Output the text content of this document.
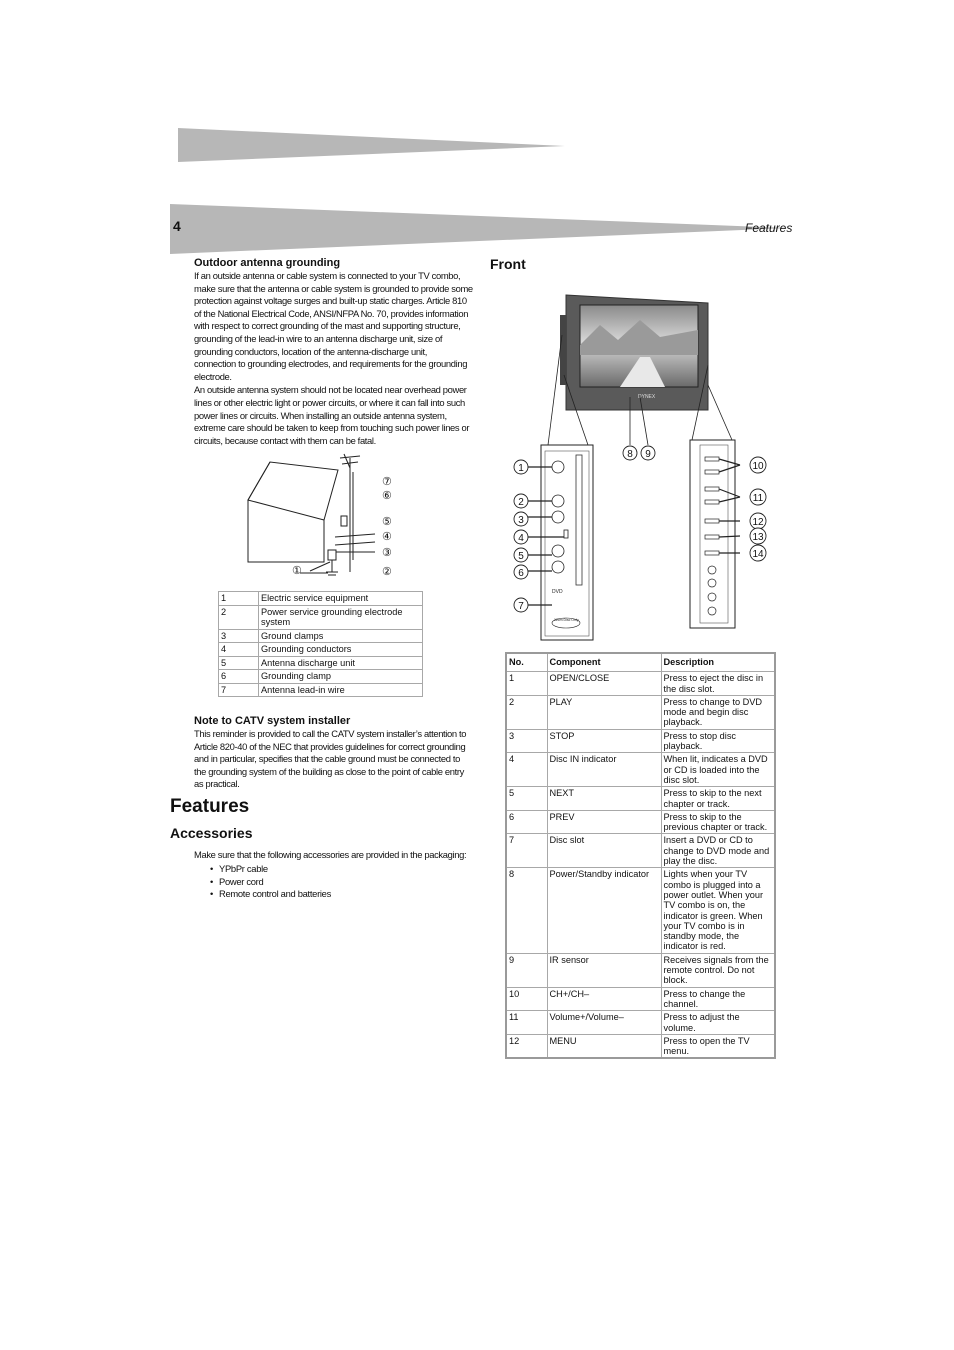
4	Features
Outdoor antenna grounding
If an outside antenna or cable system is connected to your TV combo,
make sure that the antenna or cable system is grounded to provide some
protection against voltage surges and built-up static charges. Article 810
of the National Electrical Code, ANSI/NFPA No. 70, provides information
with respect to correct grounding of the mast and supporting structure,
grounding of the lead-in wire to an antenna discharge unit, size of
grounding conductors, location of the antenna-discharge unit,
connection to grounding electrodes, and requirements for the grounding
electrode.
An outside antenna system should not be located near overhead power
lines or other electric light or power circuits, or where it can fall into such
power lines or circuits. When installing an outside antenna system,
extreme care should be taken to keep from touching such power lines or
circuits, because contact with them can be fatal.
⑦
⑥
⑤
④
③
②
①
1	Electric service equipment
2	Power service grounding electrode system
3	Ground clamps
4	Grounding conductors
5	Antenna discharge unit
6	Grounding clamp
7	Antenna lead-in wire
Note to CATV system installer
This reminder is provided to call the CATV system installer’s attention to
Article 820-40 of the NEC that provides guidelines for correct grounding
and in particular, specifies that the cable ground must be connected to
the grounding system of the building as close to the point of cable entry
as practical.
Features
Accessories
Make sure that the following accessories are provided in the packaging:
• YPbPr cable
• Power cord
• Remote control and batteries
Front
DYNEX
DVD
12cm Disc Only
1
2
3
4
5
6
7
8 9
10
11
12
13
14
No.	Component	Description
1	OPEN/CLOSE	Press to eject the disc in the disc slot.
2	PLAY	Press to change to DVD mode and begin disc playback.
3	STOP	Press to stop disc playback.
4	Disc IN indicator	When lit, indicates a DVD or CD is loaded into the disc slot.
5	NEXT	Press to skip to the next chapter or track.
6	PREV	Press to skip to the previous chapter or track.
7	Disc slot	Insert a DVD or CD to change to DVD mode and play the disc.
8	Power/Standby indicator	Lights when your TV combo is plugged into a power outlet. When your TV combo is on, the indicator is green. When your TV combo is in standby mode, the indicator is red.
9	IR sensor	Receives signals from the remote control. Do not block.
10	CH+/CH–	Press to change the channel.
11	Volume+/Volume–	Press to adjust the volume.
12	MENU	Press to open the TV menu.
